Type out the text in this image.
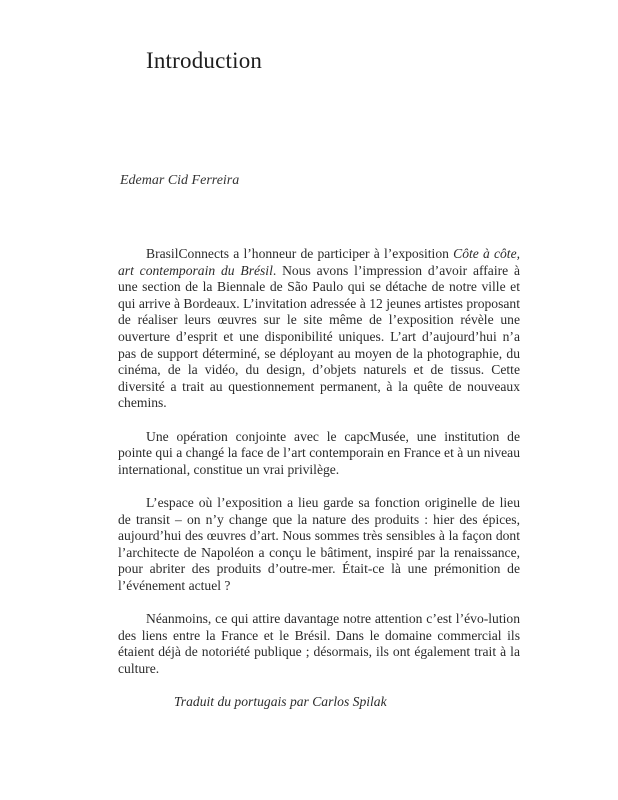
Introduction

Edemar Cid Ferreira

BrasilConnects a l’honneur de participer à l’exposition Côte à côte, art contemporain du Brésil. Nous avons l’impression d’avoir affaire à une section de la Biennale de São Paulo qui se détache de notre ville et qui arrive à Bordeaux. L’invitation adressée à 12 jeunes artistes proposant de réaliser leurs œuvres sur le site même de l’exposition révèle une ouverture d’esprit et une disponibilité uniques. L’art d’aujourd’hui n’a pas de support déterminé, se déployant au moyen de la photographie, du cinéma, de la vidéo, du design, d’objets naturels et de tissus. Cette diversité a trait au questionnement permanent, à la quête de nouveaux chemins.

Une opération conjointe avec le capcMusée, une institution de pointe qui a changé la face de l’art contemporain en France et à un niveau international, constitue un vrai privilège.

L’espace où l’exposition a lieu garde sa fonction originelle de lieu de transit – on n’y change que la nature des produits : hier des épices, aujourd’hui des œuvres d’art. Nous sommes très sensibles à la façon dont l’architecte de Napoléon a conçu le bâtiment, inspiré par la renaissance, pour abriter des produits d’outre-mer. Était-ce là une prémonition de l’événement actuel ?

Néanmoins, ce qui attire davantage notre attention c’est l’évo-lution des liens entre la France et le Brésil. Dans le domaine commercial ils étaient déjà de notoriété publique ; désormais, ils ont également trait à la culture.

Traduit du portugais par Carlos Spilak
